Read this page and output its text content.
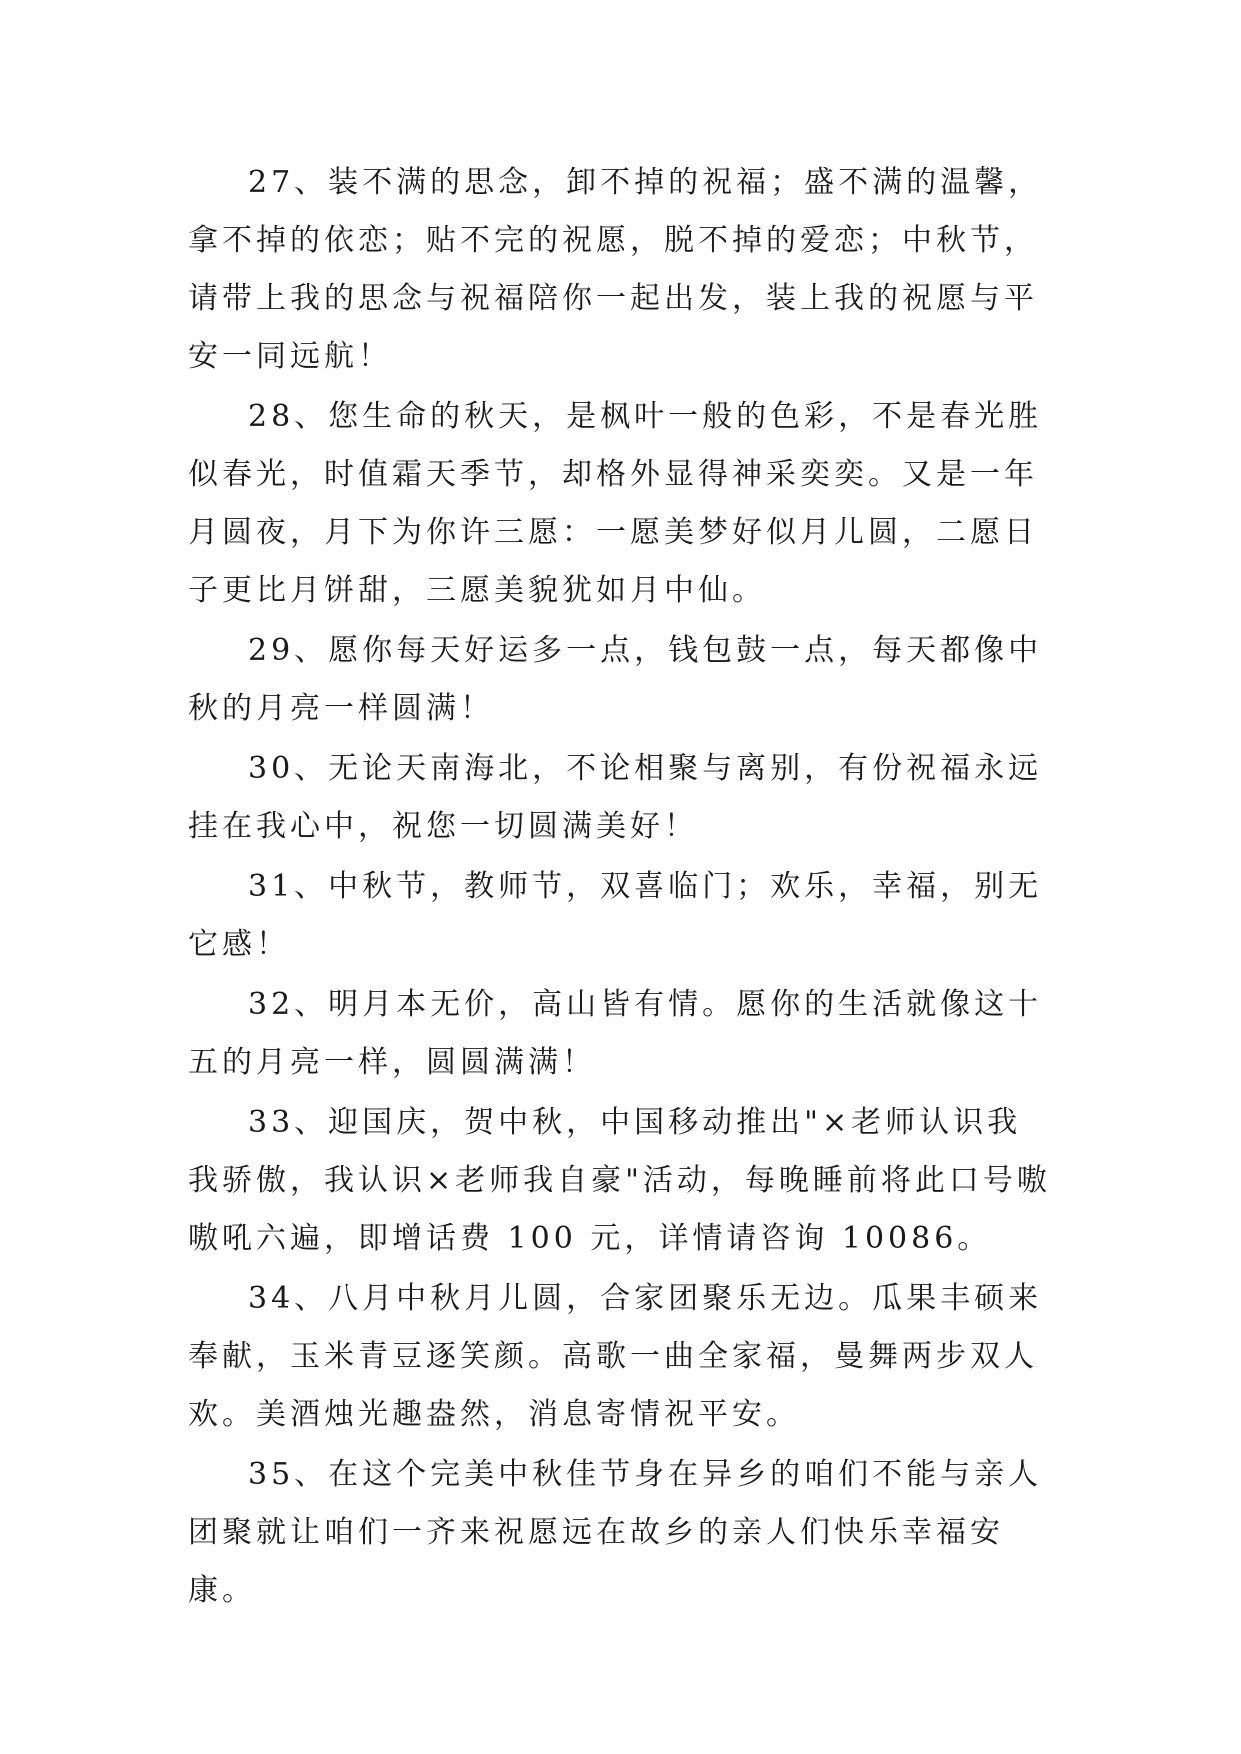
27、装不满的思念，卸不掉的祝福；盛不满的温馨，拿不掉的依恋；贴不完的祝愿，脱不掉的爱恋；中秋节，请带上我的思念与祝福陪你一起出发，装上我的祝愿与平安一同远航！

28、您生命的秋天，是枫叶一般的色彩，不是春光胜似春光，时值霜天季节，却格外显得神采奕奕。又是一年月圆夜，月下为你许三愿：一愿美梦好似月儿圆，二愿日子更比月饼甜，三愿美貌犹如月中仙。

29、愿你每天好运多一点，钱包鼓一点，每天都像中秋的月亮一样圆满！

30、无论天南海北，不论相聚与离别，有份祝福永远挂在我心中，祝您一切圆满美好！

31、中秋节，教师节，双喜临门；欢乐，幸福，别无它感！

32、明月本无价，高山皆有情。愿你的生活就像这十五的月亮一样，圆圆满满！

33、迎国庆，贺中秋，中国移动推出"×老师认识我我骄傲，我认识×老师我自豪"活动，每晚睡前将此口号嗷嗷吼六遍，即增话费 100 元，详情请咨询 10086。

34、八月中秋月儿圆，合家团聚乐无边。瓜果丰硕来奉献，玉米青豆逐笑颜。高歌一曲全家福，曼舞两步双人欢。美酒烛光趣盎然，消息寄情祝平安。

35、在这个完美中秋佳节身在异乡的咱们不能与亲人团聚就让咱们一齐来祝愿远在故乡的亲人们快乐幸福安康。
